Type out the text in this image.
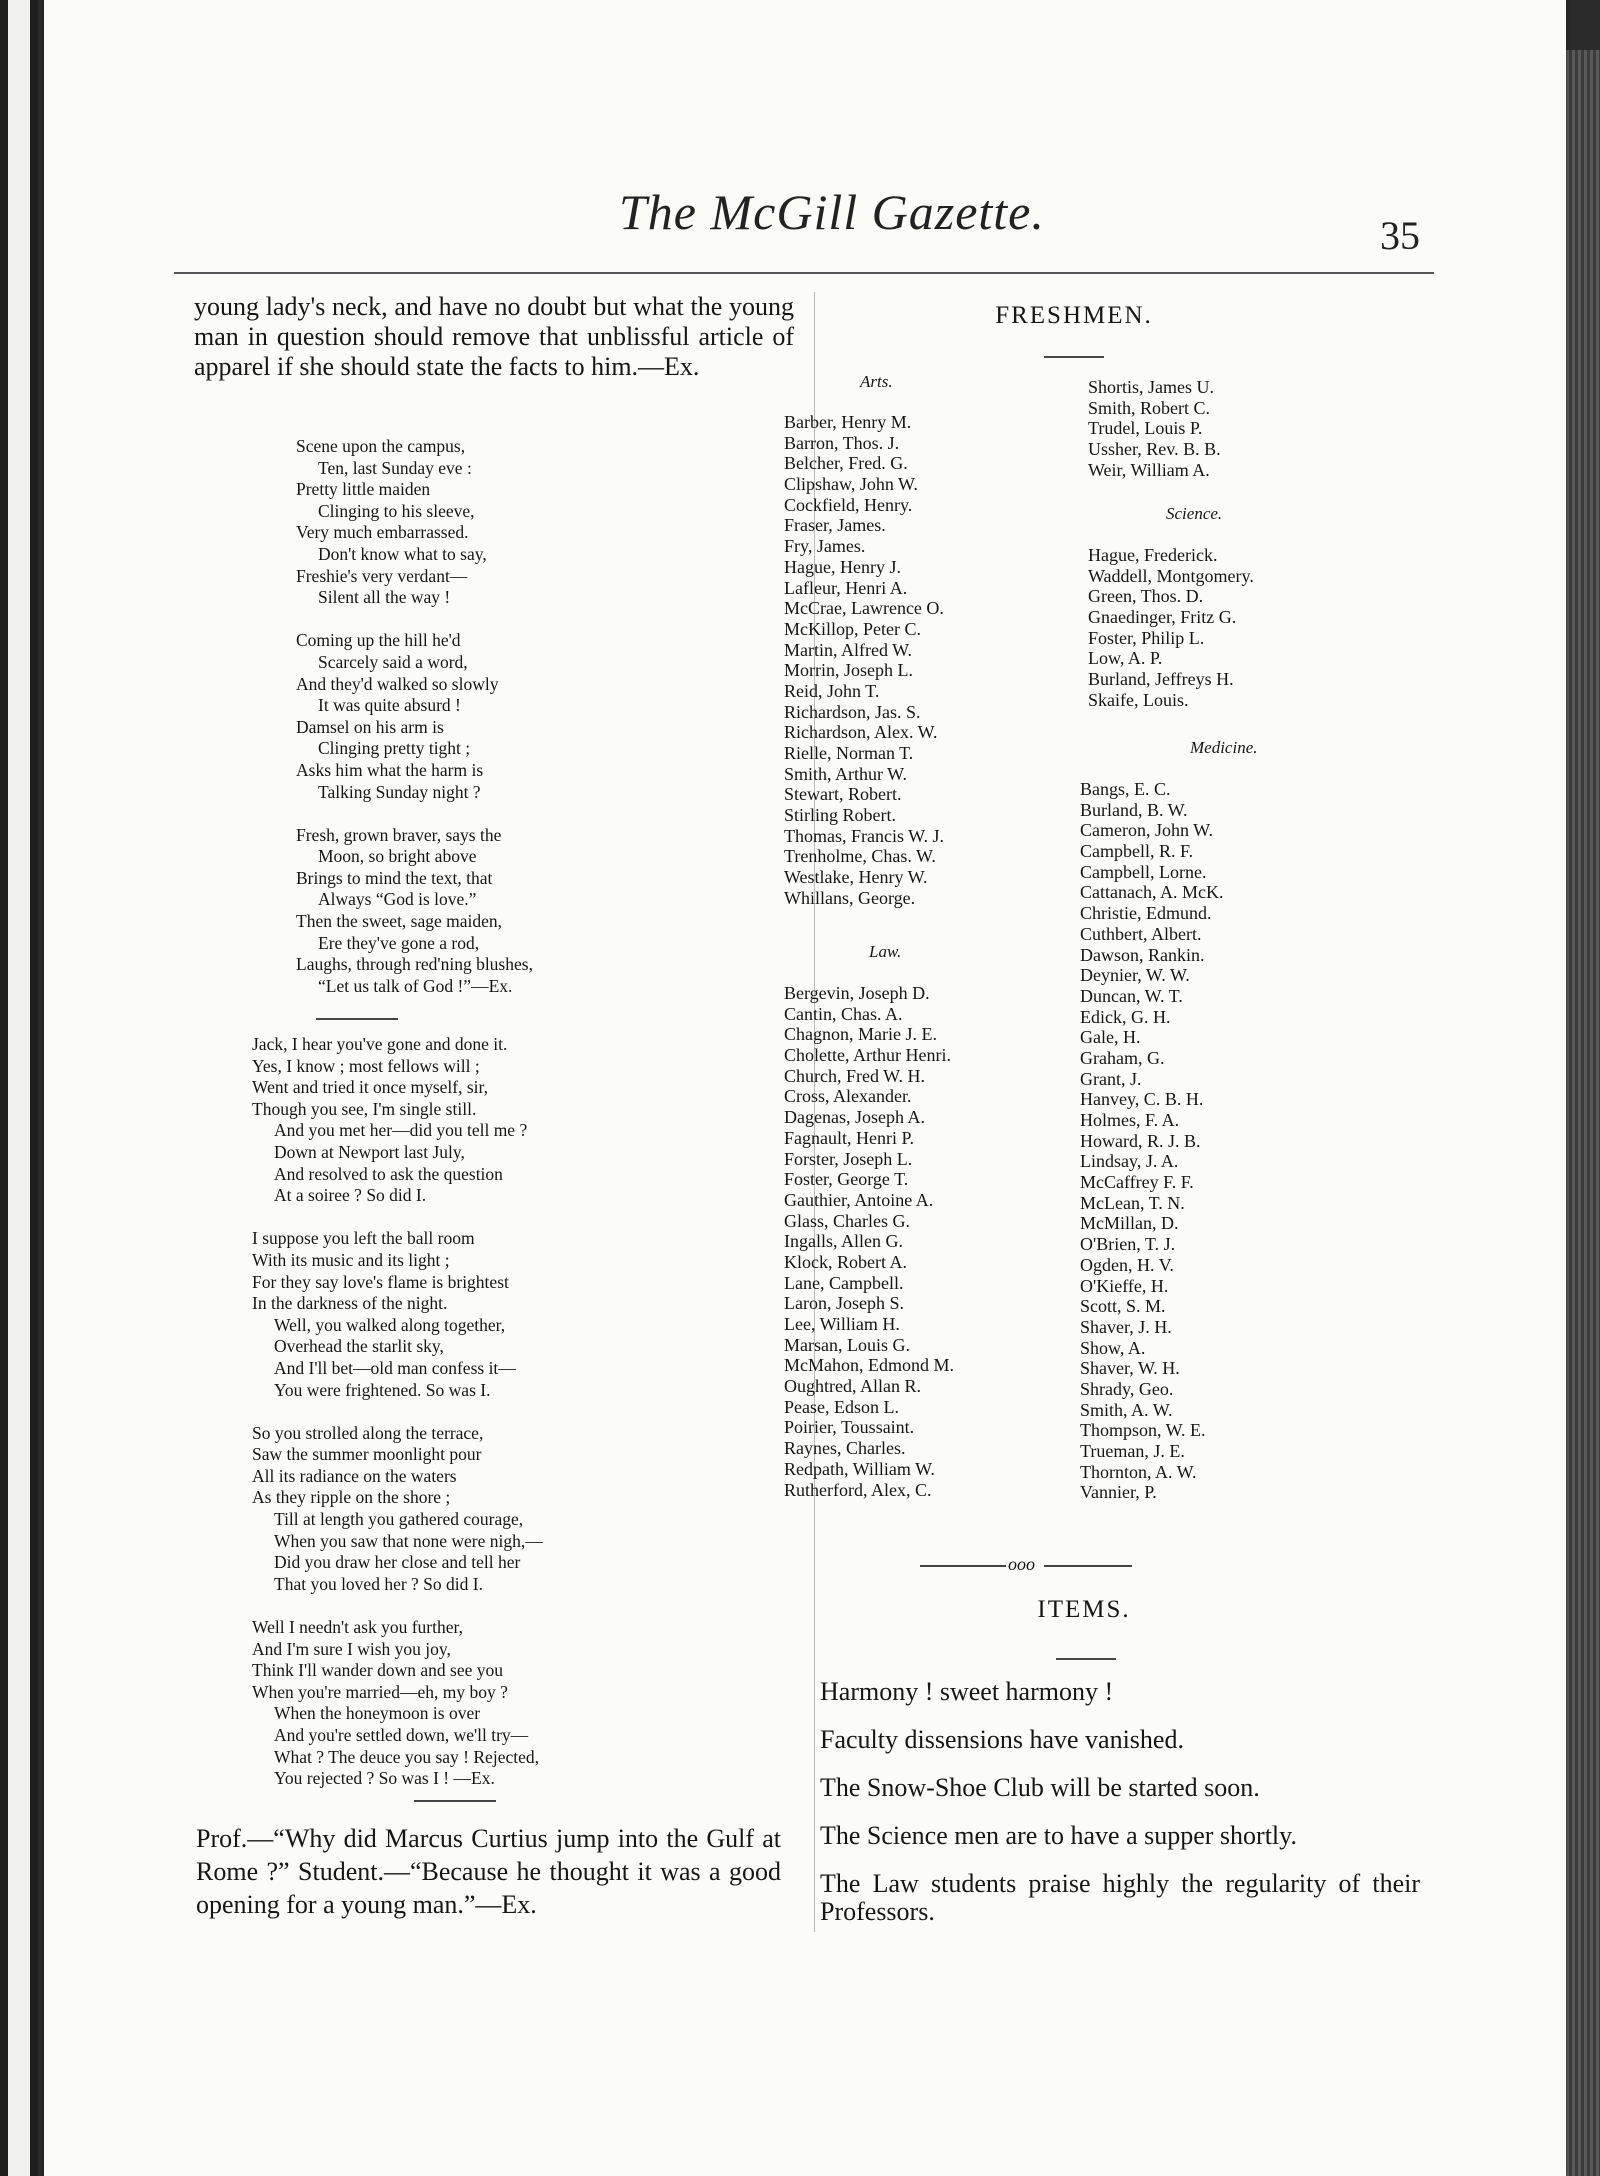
The McGill Gazette.	35
young lady's neck, and have no doubt but what the young man in question should remove that unblissful article of apparel if she should state the facts to him.—Ex.
Scene upon the campus,
Ten, last Sunday eve :
Pretty little maiden
Clinging to his sleeve,
Very much embarrassed.
Don't know what to say,
Freshie's very verdant—
Silent all the way !
Coming up the hill he'd
Scarcely said a word,
And they'd walked so slowly
It was quite absurd !
Damsel on his arm is
Clinging pretty tight ;
Asks him what the harm is
Talking Sunday night ?
Fresh, grown braver, says the
Moon, so bright above
Brings to mind the text, that
Always “God is love.”
Then the sweet, sage maiden,
Ere they've gone a rod,
Laughs, through red'ning blushes,
“Let us talk of God !”—Ex.
Jack, I hear you've gone and done it.
Yes, I know ; most fellows will ;
Went and tried it once myself, sir,
Though you see, I'm single still.
And you met her—did you tell me ?
Down at Newport last July,
And resolved to ask the question
At a soiree ? So did I.
I suppose you left the ball room
With its music and its light ;
For they say love's flame is brightest
In the darkness of the night.
Well, you walked along together,
Overhead the starlit sky,
And I'll bet—old man confess it—
You were frightened. So was I.
So you strolled along the terrace,
Saw the summer moonlight pour
All its radiance on the waters
As they ripple on the shore ;
Till at length you gathered courage,
When you saw that none were nigh,—
Did you draw her close and tell her
That you loved her ? So did I.
Well I needn't ask you further,
And I'm sure I wish you joy,
Think I'll wander down and see you
When you're married—eh, my boy ?
When the honeymoon is over
And you're settled down, we'll try—
What ? The deuce you say ! Rejected,
You rejected ? So was I ! —Ex.
Prof.—“Why did Marcus Curtius jump into the Gulf at Rome ?” Student.—“Because he thought it was a good opening for a young man.”—Ex.
FRESHMEN.
Arts.
Barber, Henry M.
Barron, Thos. J.
Belcher, Fred. G.
Clipshaw, John W.
Cockfield, Henry.
Fraser, James.
Fry, James.
Hague, Henry J.
Lafleur, Henri A.
McCrae, Lawrence O.
McKillop, Peter C.
Martin, Alfred W.
Morrin, Joseph L.
Reid, John T.
Richardson, Jas. S.
Richardson, Alex. W.
Rielle, Norman T.
Smith, Arthur W.
Stewart, Robert.
Stirling Robert.
Thomas, Francis W. J.
Trenholme, Chas. W.
Westlake, Henry W.
Whillans, George.
Law.
Bergevin, Joseph D.
Cantin, Chas. A.
Chagnon, Marie J. E.
Cholette, Arthur Henri.
Church, Fred W. H.
Cross, Alexander.
Dagenas, Joseph A.
Fagnault, Henri P.
Forster, Joseph L.
Foster, George T.
Gauthier, Antoine A.
Glass, Charles G.
Ingalls, Allen G.
Klock, Robert A.
Lane, Campbell.
Laron, Joseph S.
Lee, William H.
Marsan, Louis G.
McMahon, Edmond M.
Oughtred, Allan R.
Pease, Edson L.
Poirier, Toussaint.
Raynes, Charles.
Redpath, William W.
Rutherford, Alex, C.
Shortis, James U.
Smith, Robert C.
Trudel, Louis P.
Ussher, Rev. B. B.
Weir, William A.
Science.
Hague, Frederick.
Waddell, Montgomery.
Green, Thos. D.
Gnaedinger, Fritz G.
Foster, Philip L.
Low, A. P.
Burland, Jeffreys H.
Skaife, Louis.
Medicine.
Bangs, E. C.
Burland, B. W.
Cameron, John W.
Campbell, R. F.
Campbell, Lorne.
Cattanach, A. McK.
Christie, Edmund.
Cuthbert, Albert.
Dawson, Rankin.
Deynier, W. W.
Duncan, W. T.
Edick, G. H.
Gale, H.
Graham, G.
Grant, J.
Hanvey, C. B. H.
Holmes, F. A.
Howard, R. J. B.
Lindsay, J. A.
McCaffrey F. F.
McLean, T. N.
McMillan, D.
O'Brien, T. J.
Ogden, H. V.
O'Kieffe, H.
Scott, S. M.
Shaver, J. H.
Show, A.
Shaver, W. H.
Shrady, Geo.
Smith, A. W.
Thompson, W. E.
Trueman, J. E.
Thornton, A. W.
Vannier, P.
ooo
ITEMS.

Harmony ! sweet harmony !

Faculty dissensions have vanished.

The Snow-Shoe Club will be started soon.

The Science men are to have a supper shortly.

The Law students praise highly the regularity of their Professors.
